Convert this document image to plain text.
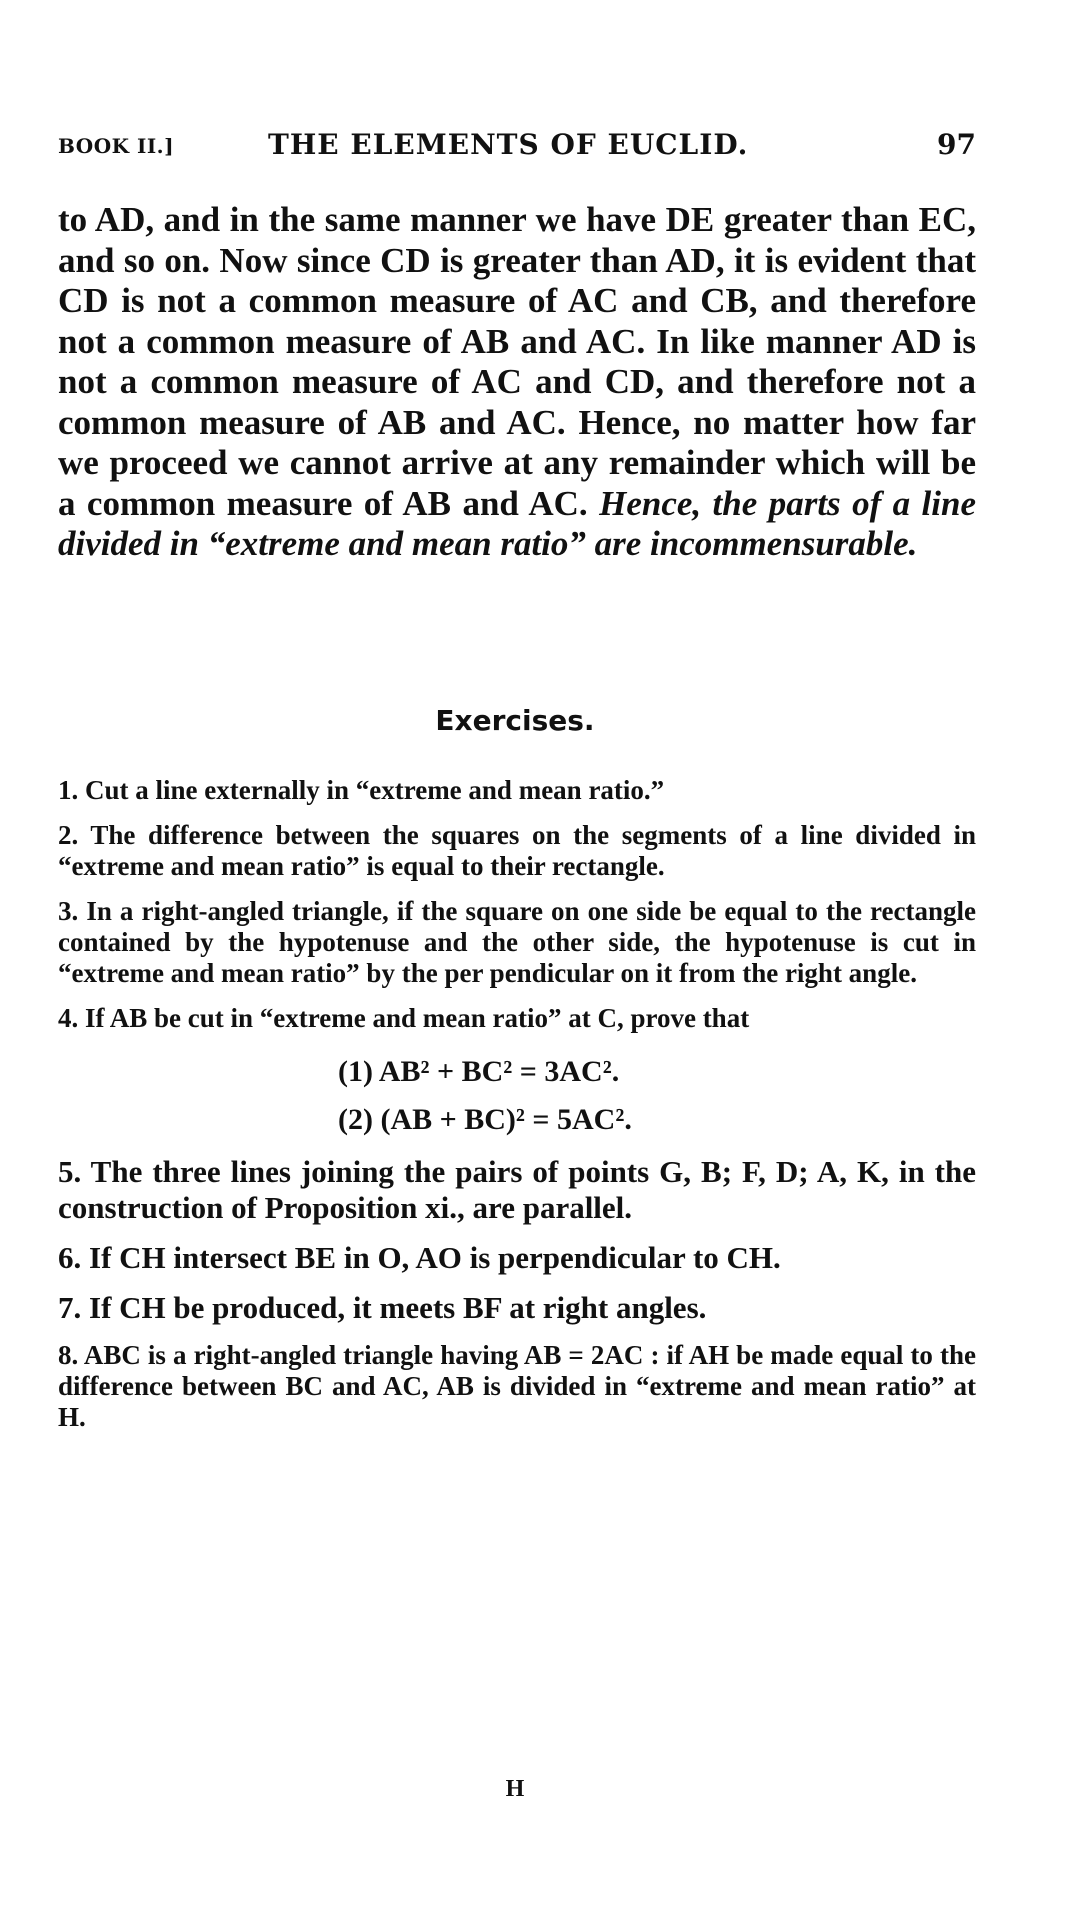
BOOK II.]	THE ELEMENTS OF EUCLID.	97
to AD, and in the same manner we have DE greater than EC, and so on. Now since CD is greater than AD, it is evident that CD is not a common measure of AC and CB, and therefore not a common measure of AB and AC. In like manner AD is not a common measure of AC and CD, and therefore not a common measure of AB and AC. Hence, no matter how far we proceed we cannot arrive at any remainder which will be a common measure of AB and AC. Hence, the parts of a line divided in “extreme and mean ratio” are incommensurable.
Exercises.
1. Cut a line externally in “extreme and mean ratio.”
2. The difference between the squares on the segments of a line divided in “extreme and mean ratio” is equal to their rectangle.
3. In a right-angled triangle, if the square on one side be equal to the rectangle contained by the hypotenuse and the other side, the hypotenuse is cut in “extreme and mean ratio” by the per pendicular on it from the right angle.
4. If AB be cut in “extreme and mean ratio” at C, prove that
(1) AB² + BC² = 3AC².
(2) (AB + BC)² = 5AC².
5. The three lines joining the pairs of points G, B; F, D; A, K, in the construction of Proposition xi., are parallel.
6. If CH intersect BE in O, AO is perpendicular to CH.
7. If CH be produced, it meets BF at right angles.
8. ABC is a right-angled triangle having AB = 2AC : if AH be made equal to the difference between BC and AC, AB is divided in “extreme and mean ratio” at H.
H
